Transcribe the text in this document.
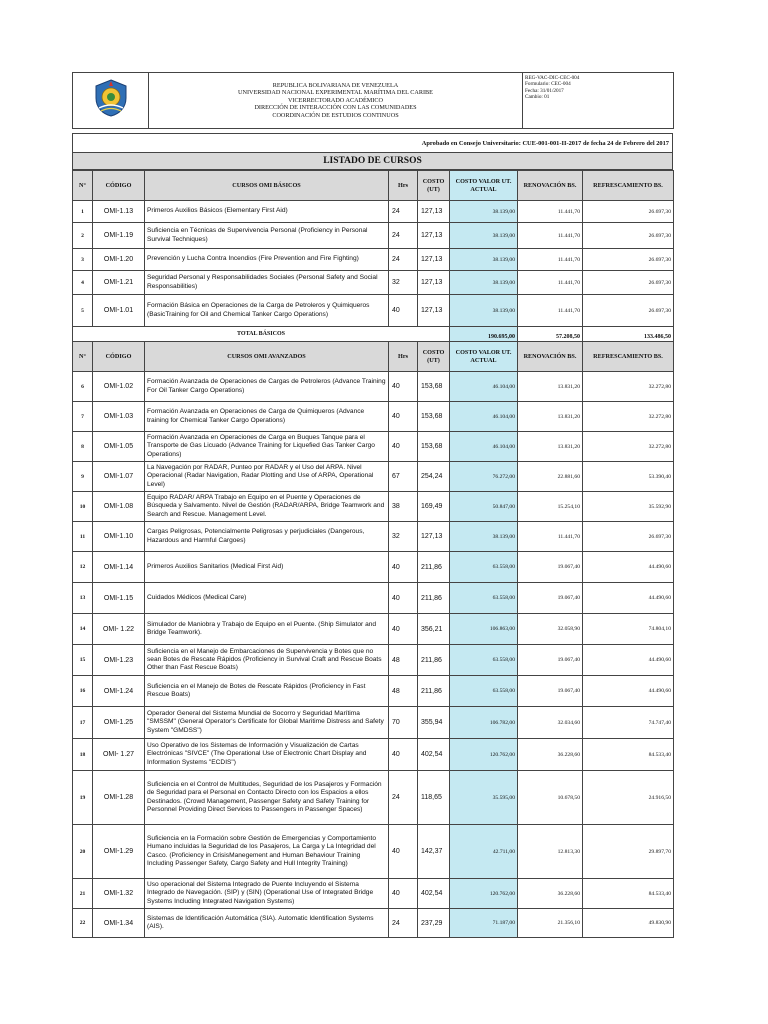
REPUBLICA BOLIVARIANA DE VENEZUELA
UNIVERSIDAD NACIONAL EXPERIMENTAL MARÍTIMA DEL CARIBE
VICERRECTORADO ACADÉMICO
DIRECCIÓN DE INTERACCIÓN CON LAS COMUNIDADES
COORDINACIÓN DE ESTUDIOS CONTINUOS

REG-VAC-DIC-CEC-004
Formulario: CEC-004
Fecha: 31/01/2017
Cambio: 01
Aprobado en Consejo Universitario: CUE-001-001-II-2017 de fecha 24 de Febrero del 2017
LISTADO DE CURSOS
N°	CÓDIGO	CURSOS OMI BÁSICOS	Hrs	COSTO (UT)	COSTO VALOR UT. ACTUAL	RENOVACIÓN BS.	REFRESCAMIENTO BS.
1	OMI-1.13	Primeros Auxilios Básicos (Elementary First Aid)	24	127,13	38.139,00	11.441,70	26.697,30
2	OMI-1.19	Suficiencia en Técnicas de Supervivencia Personal (Proficiency in Personal Survival Techniques)	24	127,13	38.139,00	11.441,70	26.697,30
3	OMI-1.20	Prevención y Lucha Contra Incendios (Fire Prevention and Fire Fighting)	24	127,13	38.139,00	11.441,70	26.697,30
4	OMI-1.21	Seguridad Personal y Responsabilidades Sociales (Personal Safety and Social Responsabilities)	32	127,13	38.139,00	11.441,70	26.697,30
5	OMI-1.01	Formación Básica en Operaciones de la Carga de Petroleros y Quimiqueros (BasicTraining for Oil and Chemical Tanker Cargo Operations)	40	127,13	38.139,00	11.441,70	26.697,30
TOTAL BÁSICOS					190.695,00	57.208,50	133.486,50
N°	CÓDIGO	CURSOS OMI AVANZADOS	Hrs	COSTO (UT)	COSTO VALOR UT. ACTUAL	RENOVACIÓN BS.	REFRESCAMIENTO BS.
6	OMI-1.02	Formación Avanzada de Operaciones de Cargas de Petroleros (Advance Training For Oil Tanker Cargo Operations)	40	153,68	46.104,00	13.831,20	32.272,80
7	OMI-1.03	Formación Avanzada en Operaciones de Carga de Quimiqueros (Advance training for Chemical Tanker Cargo Operations)	40	153,68	46.104,00	13.831,20	32.272,80
8	OMI-1.05	Formación Avanzada en Operaciones de Carga en Buques Tanque para el Transporte de Gas Licuado (Advance Training for Liquefied Gas Tanker Cargo Operations)	40	153,68	46.104,00	13.831,20	32.272,80
9	OMI-1.07	La Navegación por RADAR, Punteo por RADAR y el Uso del ARPA. Nivel Operacional (Radar Navigation, Radar Plotting and Use of ARPA, Operational Level)	67	254,24	76.272,00	22.881,60	53.390,40
10	OMI-1.08	Equipo RADAR/ ARPA Trabajo en Equipo en el Puente y Operaciones de Búsqueda y Salvamento. Nivel de Gestión (RADAR/ARPA, Bridge Teamwork and Search and Rescue. Management Level.	38	169,49	50.847,00	15.254,10	35.592,90
11	OMI-1.10	Cargas Peligrosas, Potencialmente Peligrosas y perjudiciales (Dangerous, Hazardous and Harmful Cargoes)	32	127,13	38.139,00	11.441,70	26.697,30
12	OMI-1.14	Primeros Auxilios Sanitarios (Medical First Aid)	40	211,86	63.558,00	19.067,40	44.490,60
13	OMI-1.15	Cuidados Médicos (Medical Care)	40	211,86	63.558,00	19.067,40	44.490,60
14	OMI- 1.22	Simulador de Maniobra y Trabajo de Equipo en el Puente. (Ship Simulator and Bridge Teamwork).	40	356,21	106.863,00	32.058,90	74.804,10
15	OMI-1.23	Suficiencia en el Manejo de Embarcaciones de Supervivencia y Botes que no sean Botes de Rescate Rápidos (Proficiency in Survival Craft and Rescue Boats Other than Fast Rescue Boats)	48	211,86	63.558,00	19.067,40	44.490,60
16	OMI-1.24	Suficiencia en el Manejo de Botes de Rescate Rápidos (Proficiency in Fast Rescue Boats)	48	211,86	63.558,00	19.067,40	44.490,60
17	OMI-1.25	Operador General del Sistema Mundial de Socorro y Seguridad Marítima "SMSSM" (General Operator's Certificate for Global Maritime Distress and Safety System "GMDSS")	70	355,94	106.782,00	32.034,60	74.747,40
18	OMI- 1.27	Uso Operativo de los Sistemas de Información y Visualización de Cartas Electrónicas "SIVCE" (The Operational Use of Electronic Chart Display and Information Systems "ECDIS")	40	402,54	120.762,00	36.228,60	84.533,40
19	OMI-1.28	Suficiencia en el Control de Multitudes, Seguridad de los Pasajeros y Formación de Seguridad para el Personal en Contacto Directo con los Espacios a ellos Destinados. (Crowd Management, Passenger Safety and Safety Training for Personnel Providing Direct Services to Passengers in Passenger Spaces)	24	118,65	35.595,00	10.678,50	24.916,50
20	OMI-1.29	Suficiencia en la Formación sobre Gestión de Emergencias y Comportamiento Humano incluidas la Seguridad de los Pasajeros, La Carga y La Integridad del Casco. (Proficiency in CrisisManegement and Human Behaviour Training Including Passenger Safety, Cargo Safety and Hull Integrity Training)	40	142,37	42.711,00	12.813,30	29.897,70
21	OMI-1.32	Uso operacional del Sistema Integrado de Puente Incluyendo el Sistema Integrado de Navegación. (SIP) y (SIN) (Operational Use of Integrated Bridge Systems Including Integrated Navigation Systems)	40	402,54	120.762,00	36.228,60	84.533,40
22	OMI-1.34	Sistemas de Identificación Automática (SIA). Automatic Identification Systems (AIS).	24	237,29	71.187,00	21.356,10	49.830,90
